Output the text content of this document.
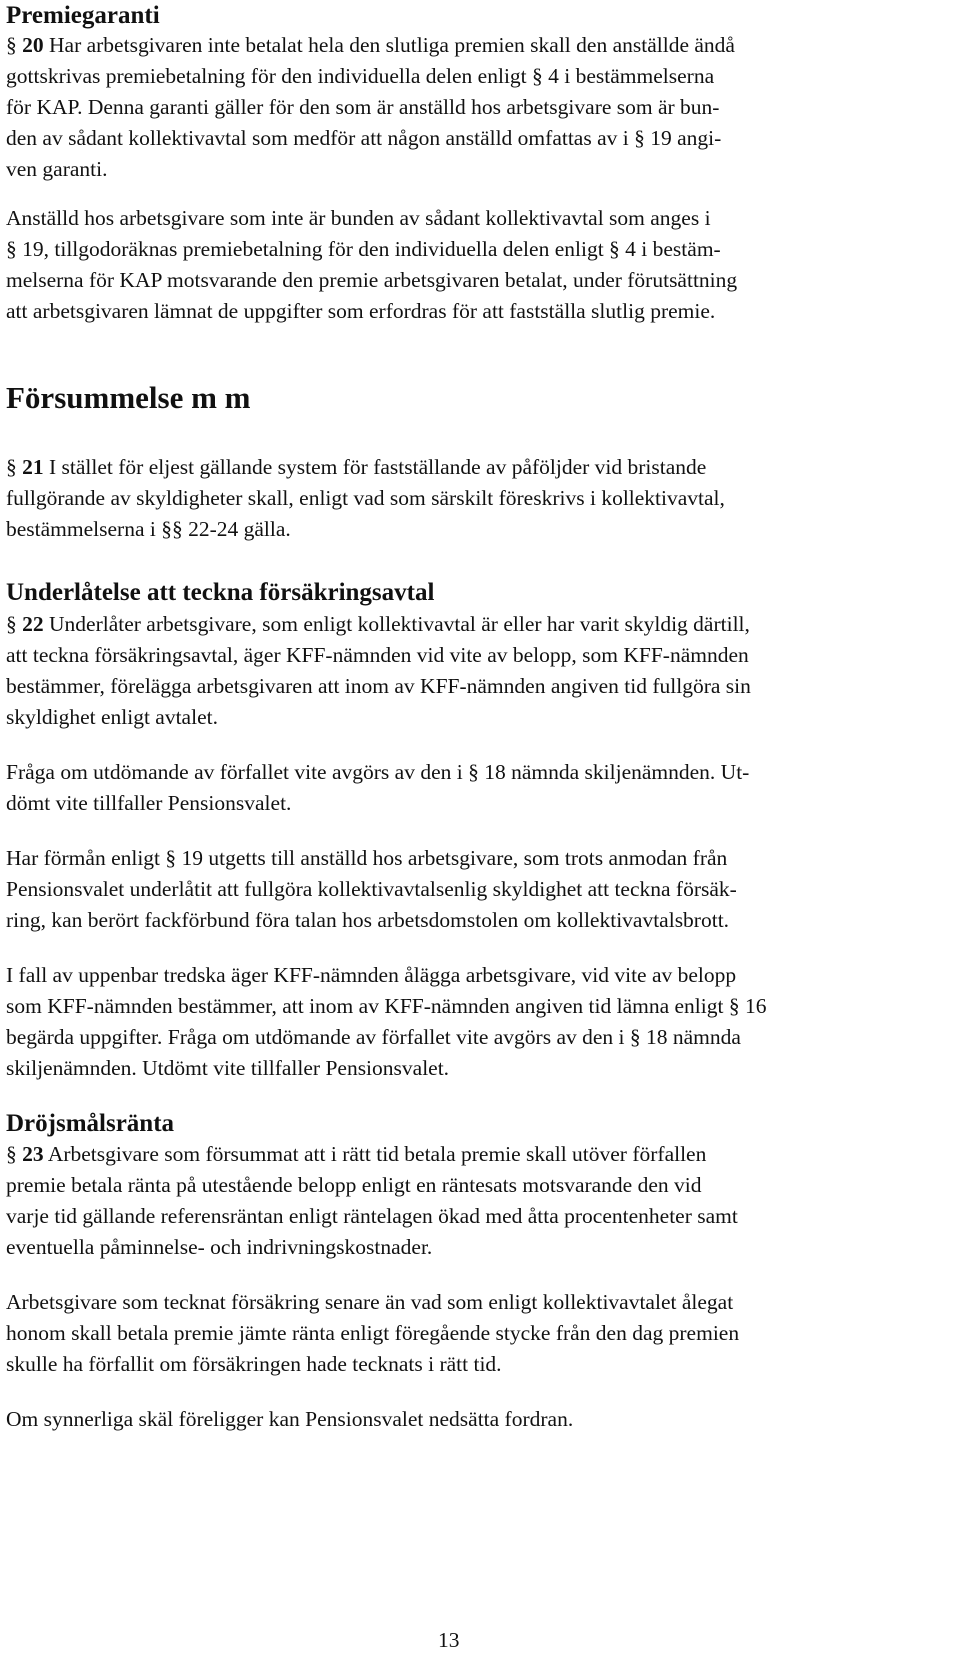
Premiegaranti

§ 20 Har arbetsgivaren inte betalat hela den slutliga premien skall den anställde ändå
gottskrivas premiebetalning för den individuella delen enligt § 4 i bestämmelserna
för KAP. Denna garanti gäller för den som är anställd hos arbetsgivare som är bun-
den av sådant kollektivavtal som medför att någon anställd omfattas av i § 19 angi-
ven garanti.

Anställd hos arbetsgivare som inte är bunden av sådant kollektivavtal som anges i
§ 19, tillgodoräknas premiebetalning för den individuella delen enligt § 4 i bestäm-
melserna för KAP motsvarande den premie arbetsgivaren betalat, under förutsättning
att arbetsgivaren lämnat de uppgifter som erfordras för att fastställa slutlig premie.

Försummelse m m

§ 21 I stället för eljest gällande system för fastställande av påföljder vid bristande
fullgörande av skyldigheter skall, enligt vad som särskilt föreskrivs i kollektivavtal,
bestämmelserna i §§ 22-24 gälla.

Underlåtelse att teckna försäkringsavtal

§ 22 Underlåter arbetsgivare, som enligt kollektivavtal är eller har varit skyldig därtill,
att teckna försäkringsavtal, äger KFF-nämnden vid vite av belopp, som KFF-nämnden
bestämmer, förelägga arbetsgivaren att inom av KFF-nämnden angiven tid fullgöra sin
skyldighet enligt avtalet.

Fråga om utdömande av förfallet vite avgörs av den i § 18 nämnda skiljenämnden. Ut-
dömt vite tillfaller Pensionsvalet.

Har förmån enligt § 19 utgetts till anställd hos arbetsgivare, som trots anmodan från
Pensionsvalet underlåtit att fullgöra kollektivavtalsenlig skyldighet att teckna försäk-
ring, kan berört fackförbund föra talan hos arbetsdomstolen om kollektivavtalsbrott.

I fall av uppenbar tredska äger KFF-nämnden ålägga arbetsgivare, vid vite av belopp
som KFF-nämnden bestämmer, att inom av KFF-nämnden angiven tid lämna enligt § 16
begärda uppgifter. Fråga om utdömande av förfallet vite avgörs av den i § 18 nämnda
skiljenämnden. Utdömt vite tillfaller Pensionsvalet.

Dröjsmålsränta

§ 23 Arbetsgivare som försummat att i rätt tid betala premie skall utöver förfallen
premie betala ränta på utestående belopp enligt en räntesats motsvarande den vid
varje tid gällande referensräntan enligt räntelagen ökad med åtta procentenheter samt
eventuella påminnelse- och indrivningskostnader.

Arbetsgivare som tecknat försäkring senare än vad som enligt kollektivavtalet ålegat
honom skall betala premie jämte ränta enligt föregående stycke från den dag premien
skulle ha förfallit om försäkringen hade tecknats i rätt tid.

Om synnerliga skäl föreligger kan Pensionsvalet nedsätta fordran.

13
